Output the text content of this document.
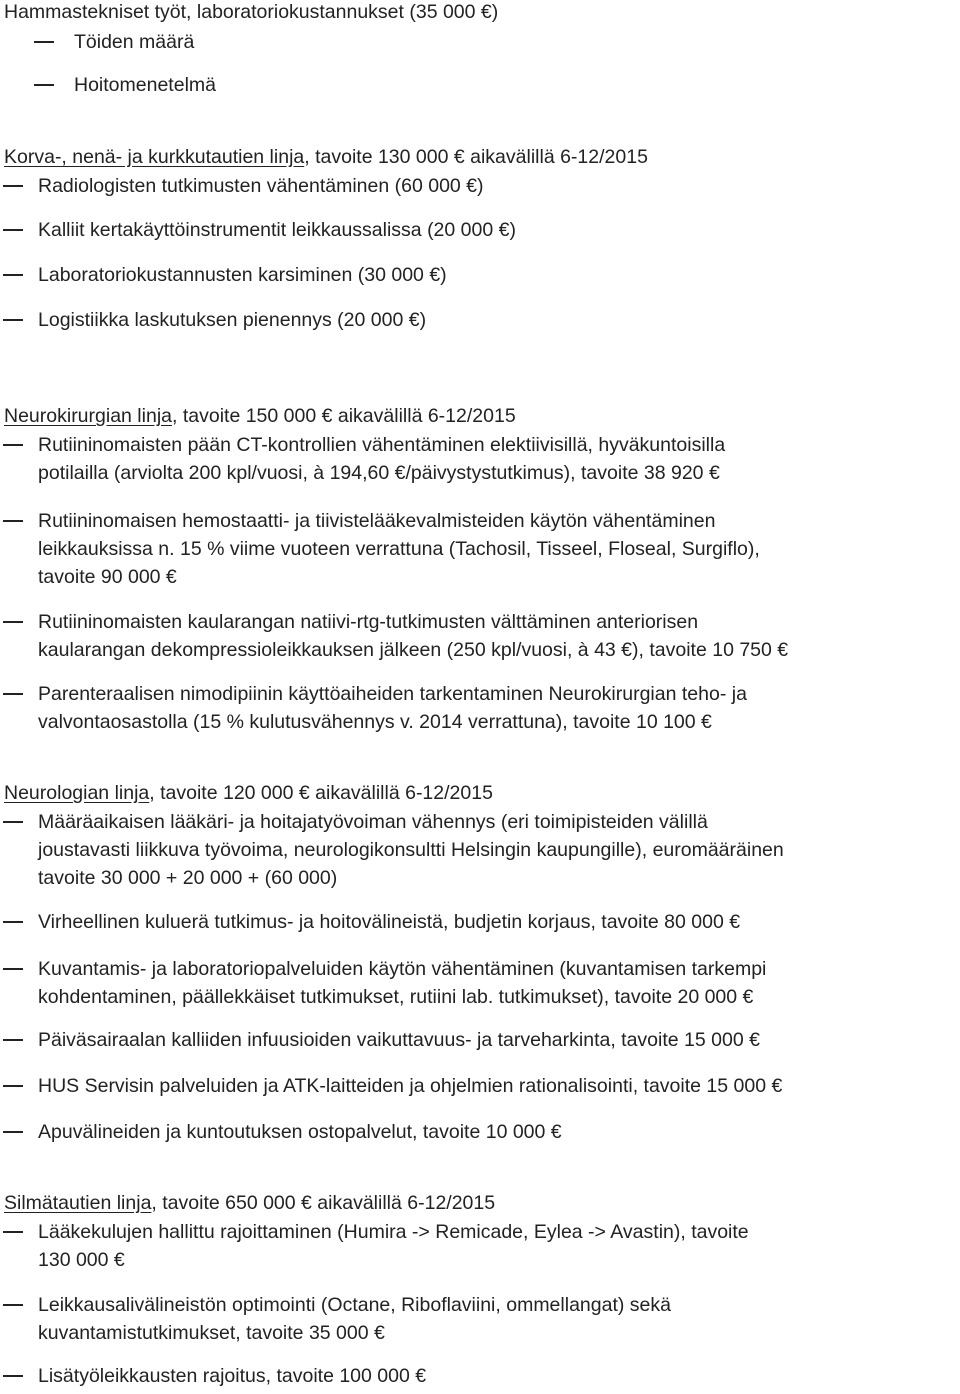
Hammastekniset työt, laboratoriokustannukset (35 000 €)
Töiden määrä
Hoitomenetelmä
Korva-, nenä- ja kurkkutautien linja, tavoite 130 000 € aikavälillä 6-12/2015
Radiologisten tutkimusten vähentäminen (60 000 €)
Kalliit kertakäyttöinstrumentit leikkaussalissa (20 000 €)
Laboratoriokustannusten karsiminen (30 000 €)
Logistiikka laskutuksen pienennys (20 000 €)
Neurokirurgian linja, tavoite 150 000 € aikavälillä 6-12/2015
Rutiininomaisten pään CT-kontrollien vähentäminen elektiivisillä, hyväkuntoisilla
potilailla (arviolta 200 kpl/vuosi, à 194,60 €/päivystystutkimus), tavoite 38 920 €
Rutiininomaisen hemostaatti- ja tiivistelääkevalmisteiden käytön vähentäminen
leikkauksissa n. 15 % viime vuoteen verrattuna (Tachosil, Tisseel, Floseal, Surgiflo),
tavoite 90 000 €
Rutiininomaisten kaularangan natiivi-rtg-tutkimusten välttäminen anteriorisen
kaularangan dekompressioleikkauksen jälkeen (250 kpl/vuosi, à 43 €), tavoite 10 750 €
Parenteraalisen nimodipiinin käyttöaiheiden tarkentaminen Neurokirurgian teho- ja
valvontaosastolla (15 % kulutusvähennys v. 2014 verrattuna), tavoite 10 100 €
Neurologian linja, tavoite 120 000 € aikavälillä 6-12/2015
Määräaikaisen lääkäri- ja hoitajatyövoiman vähennys (eri toimipisteiden välillä
joustavasti liikkuva työvoima, neurologikonsultti Helsingin kaupungille), euromääräinen
tavoite 30 000 + 20 000 + (60 000)
Virheellinen kuluerä tutkimus- ja hoitovälineistä, budjetin korjaus, tavoite 80 000 €
Kuvantamis- ja laboratoriopalveluiden käytön vähentäminen (kuvantamisen tarkempi
kohdentaminen, päällekkäiset tutkimukset, rutiini lab. tutkimukset), tavoite 20 000 €
Päiväsairaalan kalliiden infuusioiden vaikuttavuus- ja tarveharkinta, tavoite 15 000 €
HUS Servisin palveluiden ja ATK-laitteiden ja ohjelmien rationalisointi, tavoite 15 000 €
Apuvälineiden ja kuntoutuksen ostopalvelut, tavoite 10 000 €
Silmätautien linja, tavoite 650 000 € aikavälillä 6-12/2015
Lääkekulujen hallittu rajoittaminen (Humira -> Remicade, Eylea -> Avastin), tavoite
130 000 €
Leikkausalivälineistön optimointi (Octane, Riboflaviini, ommellangat) sekä
kuvantamistutkimukset, tavoite 35 000 €
Lisätyöleikkausten rajoitus, tavoite 100 000 €
